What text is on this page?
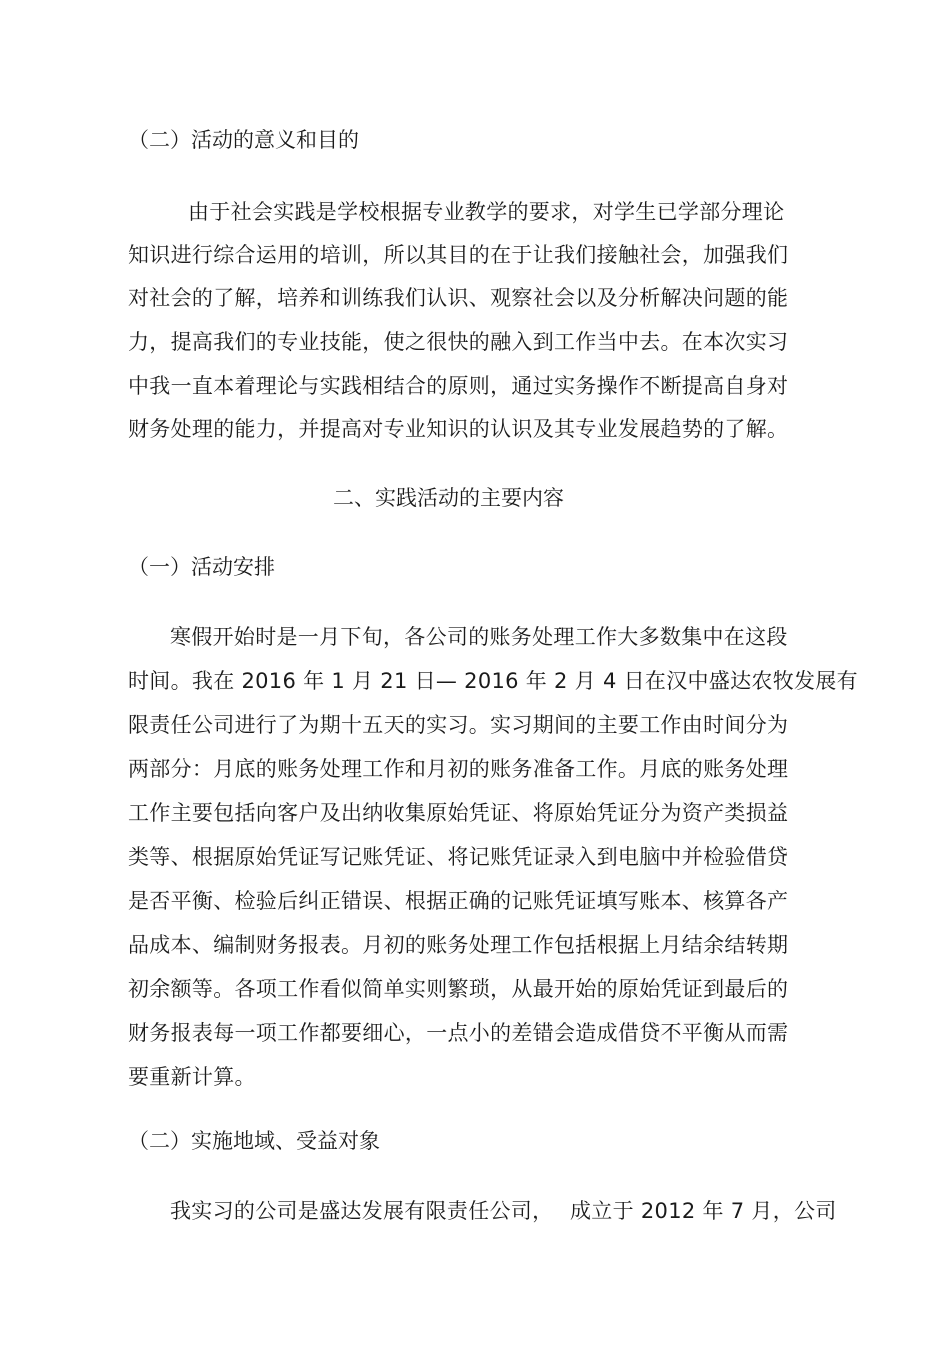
（二）活动的意义和目的
由于社会实践是学校根据专业教学的要求，对学生已学部分理论
知识进行综合运用的培训，所以其目的在于让我们接触社会，加强我们
对社会的了解，培养和训练我们认识、观察社会以及分析解决问题的能
力，提高我们的专业技能，使之很快的融入到工作当中去。在本次实习
中我一直本着理论与实践相结合的原则，通过实务操作不断提高自身对
财务处理的能力，并提高对专业知识的认识及其专业发展趋势的了解。
二、实践活动的主要内容
（一）活动安排
寒假开始时是一月下旬，各公司的账务处理工作大多数集中在这段
时间。我在 2016 年 1 月 21 日— 2016 年 2 月 4 日在汉中盛达农牧发展有
限责任公司进行了为期十五天的实习。实习期间的主要工作由时间分为
两部分：月底的账务处理工作和月初的账务准备工作。月底的账务处理
工作主要包括向客户及出纳收集原始凭证、将原始凭证分为资产类损益
类等、根据原始凭证写记账凭证、将记账凭证录入到电脑中并检验借贷
是否平衡、检验后纠正错误、根据正确的记账凭证填写账本、核算各产
品成本、编制财务报表。月初的账务处理工作包括根据上月结余结转期
初余额等。各项工作看似简单实则繁琐，从最开始的原始凭证到最后的
财务报表每一项工作都要细心，一点小的差错会造成借贷不平衡从而需
要重新计算。
（二）实施地域、受益对象
我实习的公司是盛达发展有限责任公司， 成立于 2012 年 7 月，公司
